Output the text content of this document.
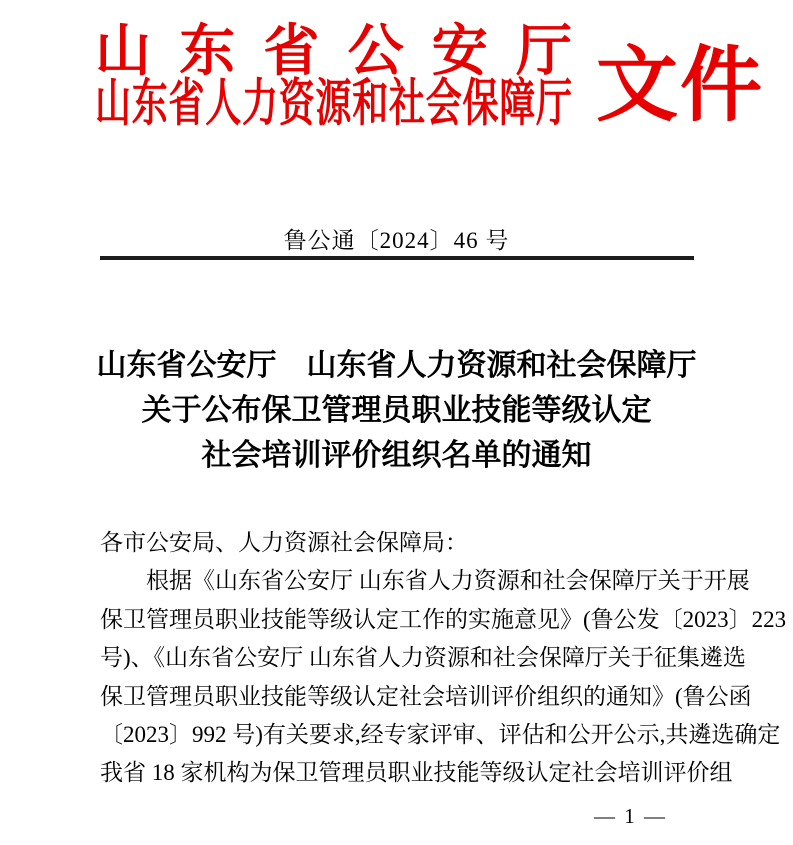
山东省公安厅
山东省人力资源和社会保障厅 文件
鲁公通〔2024〕46 号
山东省公安厅　山东省人力资源和社会保障厅
关于公布保卫管理员职业技能等级认定
社会培训评价组织名单的通知
各市公安局、人力资源社会保障局：
根据《山东省公安厅 山东省人力资源和社会保障厅关于开展
保卫管理员职业技能等级认定工作的实施意见》(鲁公发〔2023〕223
号)、《山东省公安厅 山东省人力资源和社会保障厅关于征集遴选
保卫管理员职业技能等级认定社会培训评价组织的通知》(鲁公函
〔2023〕992 号)有关要求,经专家评审、评估和公开公示,共遴选确定
我省 18 家机构为保卫管理员职业技能等级认定社会培训评价组
— 1 —
